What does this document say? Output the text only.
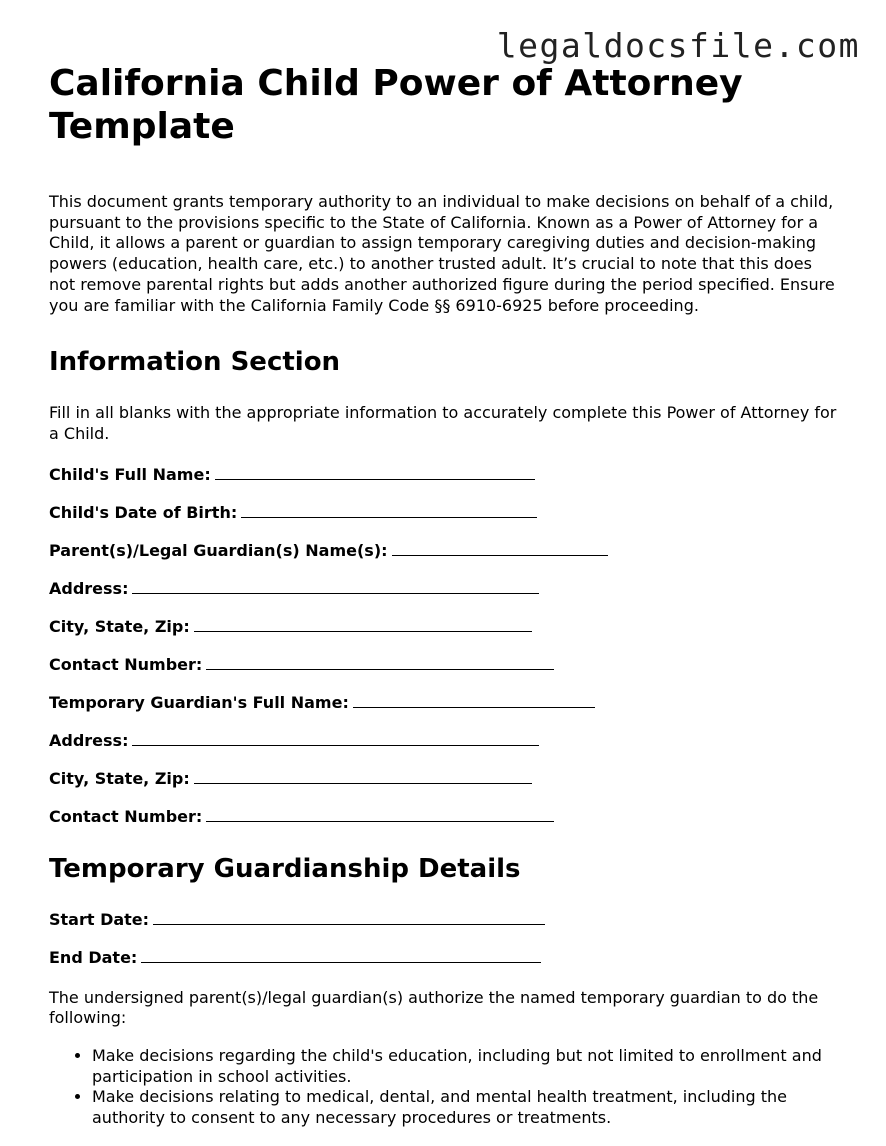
legaldocsfile.com
California Child Power of Attorney Template

This document grants temporary authority to an individual to make decisions on behalf of a child, pursuant to the provisions specific to the State of California. Known as a Power of Attorney for a Child, it allows a parent or guardian to assign temporary caregiving duties and decision-making powers (education, health care, etc.) to another trusted adult. It’s crucial to note that this does not remove parental rights but adds another authorized figure during the period specified. Ensure you are familiar with the California Family Code §§ 6910-6925 before proceeding.

Information Section

Fill in all blanks with the appropriate information to accurately complete this Power of Attorney for a Child.

Child's Full Name:
Child's Date of Birth:
Parent(s)/Legal Guardian(s) Name(s):
Address:
City, State, Zip:
Contact Number:
Temporary Guardian's Full Name:
Address:
City, State, Zip:
Contact Number:
Temporary Guardianship Details
Start Date:
End Date:

The undersigned parent(s)/legal guardian(s) authorize the named temporary guardian to do the following:

• Make decisions regarding the child's education, including but not limited to enrollment and participation in school activities.
• Make decisions relating to medical, dental, and mental health treatment, including the authority to consent to any necessary procedures or treatments.
